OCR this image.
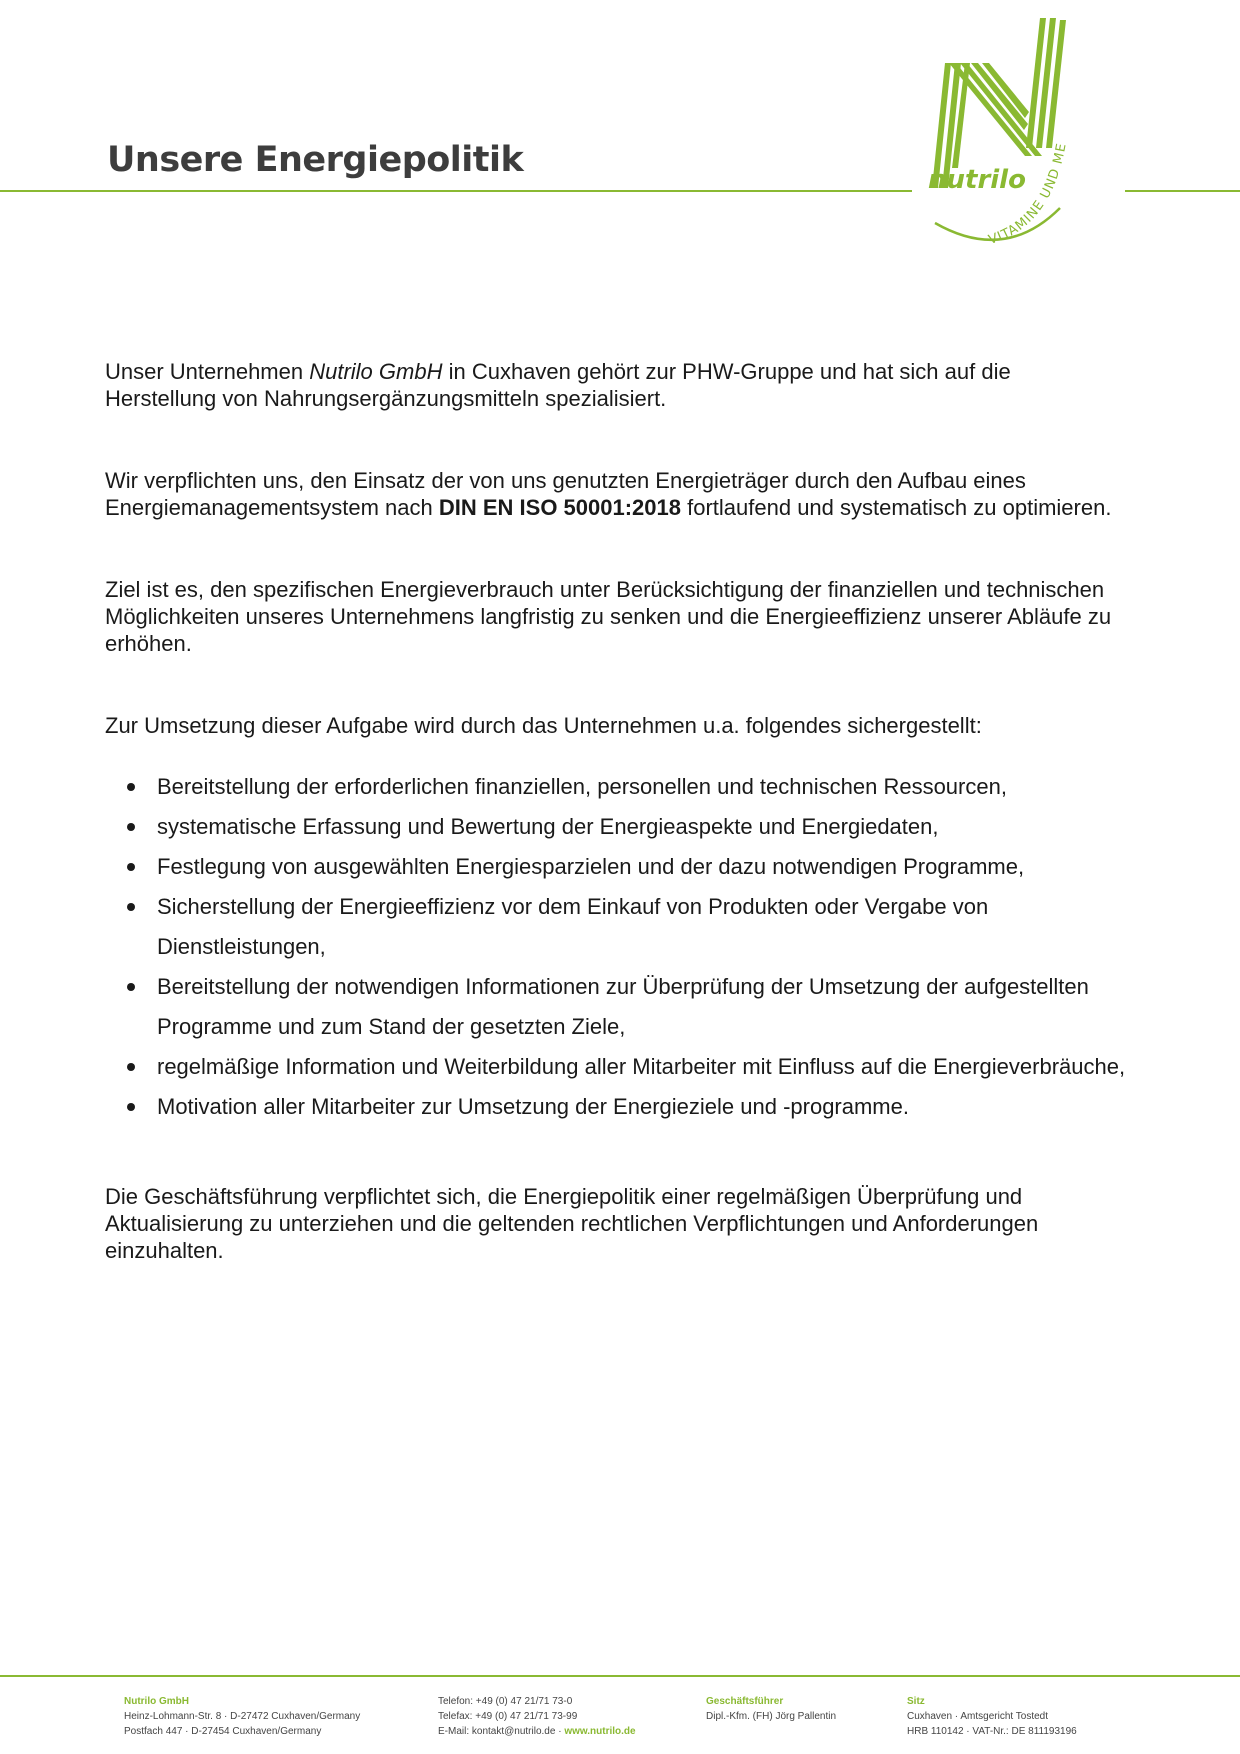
Unsere Energiepolitik	nutrilo
VITAMINE UND ME

Unser Unternehmen Nutrilo GmbH in Cuxhaven gehört zur PHW-Gruppe und hat sich auf die Herstellung von Nahrungsergänzungsmitteln spezialisiert.

Wir verpflichten uns, den Einsatz der von uns genutzten Energieträger durch den Aufbau eines Energiemanagementsystem nach DIN EN ISO 50001:2018 fortlaufend und systematisch zu optimieren.

Ziel ist es, den spezifischen Energieverbrauch unter Berücksichtigung der finanziellen und technischen Möglichkeiten unseres Unternehmens langfristig zu senken und die Energieeffizienz unserer Abläufe zu erhöhen.

Zur Umsetzung dieser Aufgabe wird durch das Unternehmen u.a. folgendes sichergestellt:

Bereitstellung der erforderlichen finanziellen, personellen und technischen Ressourcen,
systematische Erfassung und Bewertung der Energieaspekte und Energiedaten,
Festlegung von ausgewählten Energiesparzielen und der dazu notwendigen Programme,
Sicherstellung der Energieeffizienz vor dem Einkauf von Produkten oder Vergabe von Dienstleistungen,
Bereitstellung der notwendigen Informationen zur Überprüfung der Umsetzung der aufgestellten Programme und zum Stand der gesetzten Ziele,
regelmäßige Information und Weiterbildung aller Mitarbeiter mit Einfluss auf die Energieverbräuche,
Motivation aller Mitarbeiter zur Umsetzung der Energieziele und -programme.

Die Geschäftsführung verpflichtet sich, die Energiepolitik einer regelmäßigen Überprüfung und Aktualisierung zu unterziehen und die geltenden rechtlichen Verpflichtungen und Anforderungen einzuhalten.

Nutrilo GmbH
Heinz-Lohmann-Str. 8 · D-27472 Cuxhaven/Germany
Postfach 447 · D-27454 Cuxhaven/Germany
Telefon: +49 (0) 47 21/71 73-0
Telefax: +49 (0) 47 21/71 73-99
E-Mail: kontakt@nutrilo.de · www.nutrilo.de
Geschäftsführer
Dipl.-Kfm. (FH) Jörg Pallentin
Sitz
Cuxhaven · Amtsgericht Tostedt
HRB 110142 · VAT-Nr.: DE 811193196
